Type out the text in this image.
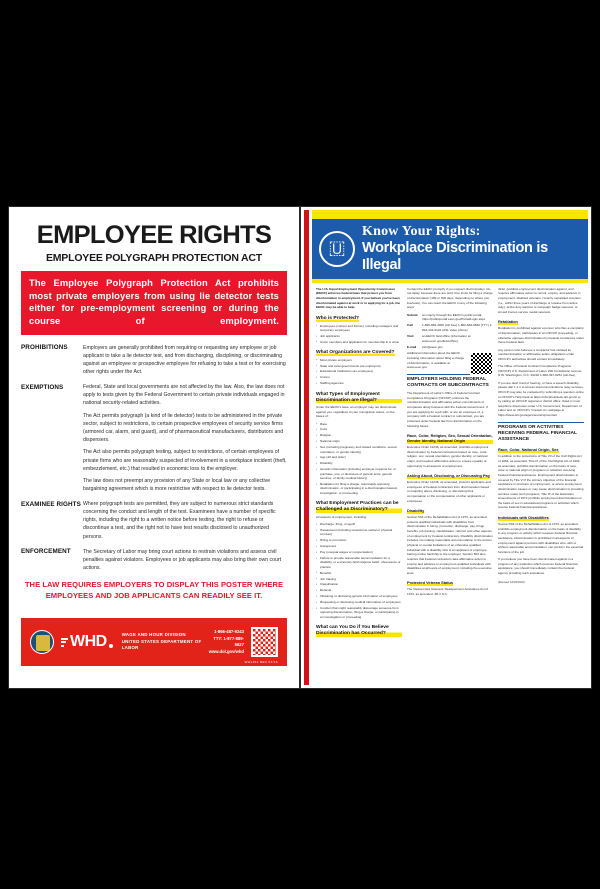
EMPLOYEE RIGHTS
EMPLOYEE POLYGRAPH PROTECTION ACT

The Employee Polygraph Protection Act prohibits most private employers from using lie detector tests either for pre-employment screening or during the course of employment.

PROHIBITIONS	Employers are generally prohibited from requiring or requesting any employee or job applicant to take a lie detector test, and from discharging, disciplining, or discriminating against an employee or prospective employee for refusing to take a test or for exercising other rights under the Act.

EXEMPTIONS	Federal, State and local governments are not affected by the law. Also, the law does not apply to tests given by the Federal Government to certain private individuals engaged in national security-related activities.

The Act permits polygraph (a kind of lie detector) tests to be administered in the private sector, subject to restrictions, to certain prospective employees of security service firms (armored car, alarm, and guard), and of pharmaceutical manufacturers, distributors and dispensers.

The Act also permits polygraph testing, subject to restrictions, of certain employees of private firms who are reasonably suspected of involvement in a workplace incident (theft, embezzlement, etc.) that resulted in economic loss to the employer.

The law does not preempt any provision of any State or local law or any collective bargaining agreement which is more restrictive with respect to lie detector tests.

EXAMINEE RIGHTS Where polygraph tests are permitted, they are subject to numerous strict standards concerning the conduct and length of the test. Examinees have a number of specific rights, including the right to a written notice before testing, the right to refuse or discontinue a test, and the right not to have test results disclosed to unauthorized persons.

ENFORCEMENT	The Secretary of Labor may bring court actions to restrain violations and assess civil penalties against violators. Employees or job applicants may also bring their own court actions.

THE LAW REQUIRES EMPLOYERS TO DISPLAY THIS POSTER WHERE EMPLOYEES AND JOB APPLICANTS CAN READILY SEE IT.
WHD	WAGE AND HOUR DIVISION
UNITED STATES DEPARTMENT OF LABOR
1-866-487-9243
TTY: 1-877-889-5627
www.dol.gov/whd
WH1462 REV 07/16
🇺
Know Your Rights:
Workplace Discrimination is Illegal

The U.S. Equal Employment Opportunity Commission (EEOC) enforces Federal laws that protect you from discrimination in employment. If you believe you've been discriminated against at work or in applying for a job, the EEOC may be able to help.

Who is Protected?
• Employees (current and former), including managers and temporary employees
• Job applicants
• Union members and applicants for membership in a union
What Organizations are Covered?
• Most private employers
• State and local governments (as employers)
• Educational institutions (as employers)
• Unions
• Staffing agencies
What Types of Employment Discrimination are Illegal?

Under the EEOC's laws, an employer may not discriminate against you, regardless of your immigration status, on the bases of:

• Race
• Color
• Religion
• National origin
• Sex (including pregnancy and related conditions, sexual orientation, or gender identity)
• Age (40 and older)
• Disability
• Genetic information (including employer requests for, or purchase, use, or disclosure of genetic tests, genetic services, or family medical history)
• Retaliation for filing a charge, reasonably opposing discrimination, or participating in a discrimination lawsuit, investigation, or proceeding
What Employment Practices can be Challenged as Discriminatory?

All aspects of employment, including:

• Discharge, firing, or layoff
• Harassment (including unwelcome verbal or physical conduct)
• Hiring or promotion
• Assignment
• Pay (unequal wages or compensation)
• Failure to provide reasonable accommodation for a disability, or a sincerely-held religious belief, observance or practice
• Benefits
• Job training
• Classification
• Referral
• Obtaining or disclosing genetic information of employees
• Requesting or disclosing medical information of employees
• Conduct that might reasonably discourage someone from opposing discrimination, filing a charge, or participating in an investigation or proceeding
What can You Do if You Believe Discrimination has Occurred?

Contact the EEOC promptly if you suspect discrimination. Do not delay, because there are strict time limits for filing a charge of discrimination (180 or 300 days, depending on where you live/work). You can reach the EEOC in any of the following ways:

Submit	an inquiry through the EEOC's public portal: https://publicportal.eeoc.gov/Portal/Login.aspx
Call	1-800-669-4000 (toll free) 1-800-669-6820 (TTY) 1-844-234-5122 (ASL video phone)
Visit	an EEOC field office (information at www.eeoc.gov/field-office)
E-mail	info@eeoc.gov

Additional information about the EEOC, including information about filing a charge of discrimination, is available at www.eeoc.gov.

EMPLOYERS HOLDING FEDERAL CONTRACTS OR SUBCONTRACTS

The Department of Labor's Office of Federal Contract Compliance Programs (OFCCP) enforces the nondiscrimination and affirmative action commitments of companies doing business with the Federal Government. If you are applying for a job with, or are an employee of, a company with a Federal contract or subcontract, you are protected under Federal law from discrimination on the following bases:

Race, Color, Religion, Sex, Sexual Orientation, Gender Identity, National Origin

Executive Order 11246, as amended, prohibits employment discrimination by Federal contractors based on race, color, religion, sex, sexual orientation, gender identity, or national origin, and requires affirmative action to ensure equality of opportunity in all aspects of employment.

Asking About, Disclosing, or Discussing Pay

Executive Order 11246, as amended, protects applicants and employees of Federal contractors from discrimination based on inquiring about, disclosing, or discussing their compensation or the compensation of other applicants or employees.

Disability

Section 503 of the Rehabilitation Act of 1973, as amended, protects qualified individuals with disabilities from discrimination in hiring, promotion, discharge, pay, fringe benefits, job training, classification, referral, and other aspects of employment by Federal contractors. Disability discrimination includes not making reasonable accommodation to the known physical or mental limitations of an otherwise qualified individual with a disability who is an applicant or employee, barring undue hardship to the employer. Section 503 also requires that Federal contractors take affirmative action to employ and advance in employment qualified individuals with disabilities at all levels of employment, including the executive level.

Protected Veteran Status

The Vietnam Era Veterans' Readjustment Assistance Act of 1974, as amended, 38 U.S.C.

4212, prohibits employment discrimination against, and requires affirmative action to recruit, employ, and advance in employment, disabled veterans, recently separated veterans (i.e., within three years of discharge or release from active duty), active duty wartime or campaign badge veterans, or Armed Forces service medal veterans.

Retaliation

Retaliation is prohibited against a person who files a complaint of discrimination, participates in an OFCCP proceeding, or otherwise opposes discrimination by Federal contractors under these Federal laws.

Any person who believes a contractor has violated its nondiscrimination or affirmative action obligations under OFCCP's authorities should contact immediately:

The Office of Federal Contract Compliance Programs (OFCCP) U.S. Department of Labor 200 Constitution Avenue, N.W. Washington, D.C. 20210 1-800-397-6251 (toll-free)

If you are deaf, hard of hearing, or have a speech disability, please dial 7-1-1 to access telecommunications relay services. OFCCP may also be contacted by submitting a question online to OFCCP's Help Desk at https://ofccphelpdesk.dol.gov/s/ or by calling an OFCCP regional or district office, listed in most telephone directories under U.S. Government, Department of Labor and on OFCCP's 'Contact Us' webpage at https://www.dol.gov/agencies/ofccp/contact

PROGRAMS OR ACTIVITIES RECEIVING FEDERAL FINANCIAL ASSISTANCE
Race, Color, National Origin, Sex

In addition to the protections of Title VII of the Civil Rights Act of 1964, as amended, Title IX of the Civil Rights Act of 1964, as amended, prohibits discrimination on the basis of race, color or national origin in programs or activities receiving Federal financial assistance. Employment discrimination is covered by Title VI if the primary objective of the financial assistance is provision of employment, or where employment discrimination causes or may cause discrimination in providing services under such programs. Title IX of the Education Amendments of 1972 prohibits employment discrimination on the basis of sex in educational programs or activities which receive Federal financial assistance.

Individuals with Disabilities

Section 504 of the Rehabilitation Act of 1973, as amended, prohibits employment discrimination on the basis of disability in any program or activity which receives Federal financial assistance. Discrimination is prohibited in all aspects of employment against persons with disabilities who, with or without reasonable accommodation, can perform the essential functions of the job.

If you believe you have been discriminated against in a program of any institution which receives Federal financial assistance, you should immediately contact the Federal agency providing such assistance.

(Revised 10/20/2022)
